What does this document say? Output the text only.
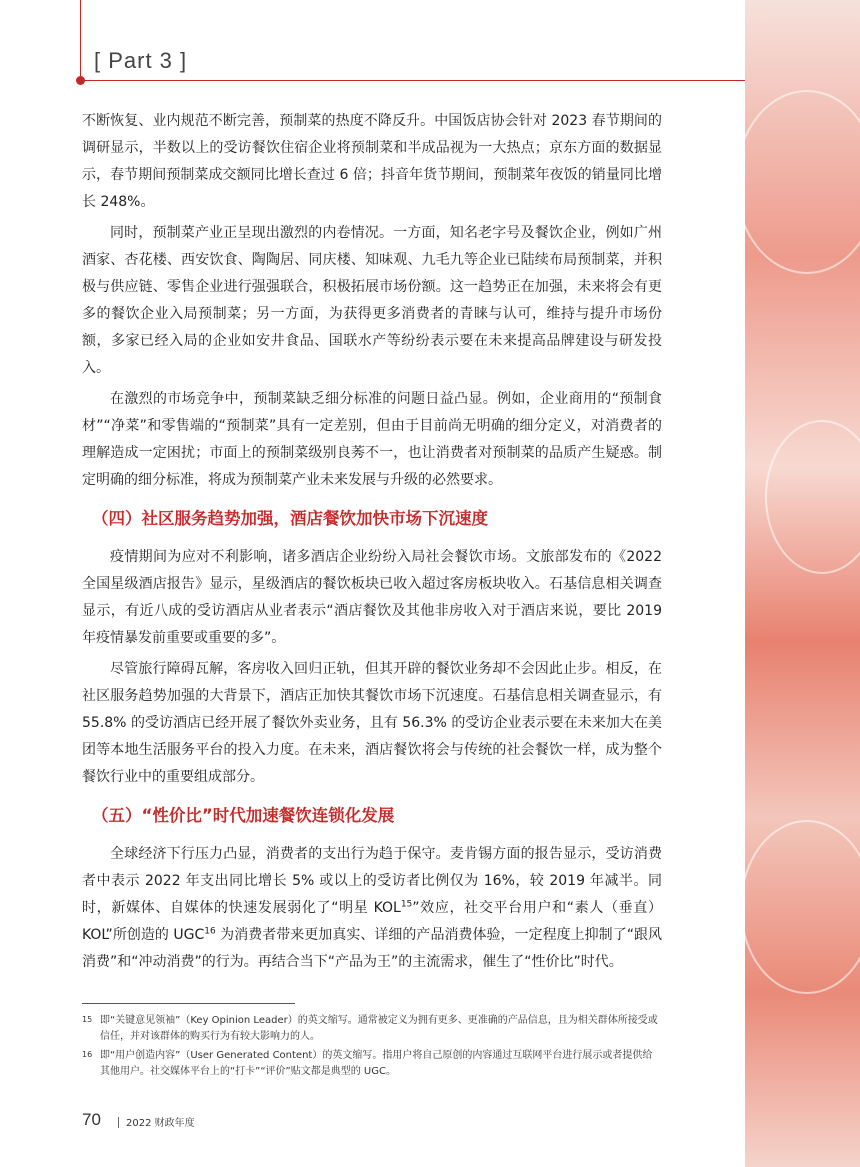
[ Part 3 ]

不断恢复、业内规范不断完善，预制菜的热度不降反升。中国饭店协会针对 2023 春节期间的调研显示，半数以上的受访餐饮住宿企业将预制菜和半成品视为一大热点；京东方面的数据显示，春节期间预制菜成交额同比增长查过 6 倍；抖音年货节期间，预制菜年夜饭的销量同比增长 248%。

同时，预制菜产业正呈现出激烈的内卷情况。一方面，知名老字号及餐饮企业，例如广州酒家、杏花楼、西安饮食、陶陶居、同庆楼、知味观、九毛九等企业已陆续布局预制菜，并积极与供应链、零售企业进行强强联合，积极拓展市场份额。这一趋势正在加强，未来将会有更多的餐饮企业入局预制菜；另一方面，为获得更多消费者的青睐与认可，维持与提升市场份额，多家已经入局的企业如安井食品、国联水产等纷纷表示要在未来提高品牌建设与研发投入。

在激烈的市场竞争中，预制菜缺乏细分标准的问题日益凸显。例如，企业商用的“预制食材”“净菜”和零售端的“预制菜”具有一定差别，但由于目前尚无明确的细分定义，对消费者的理解造成一定困扰；市面上的预制菜级别良莠不一，也让消费者对预制菜的品质产生疑惑。制定明确的细分标准，将成为预制菜产业未来发展与升级的必然要求。

（四）社区服务趋势加强，酒店餐饮加快市场下沉速度

疫情期间为应对不利影响，诸多酒店企业纷纷入局社会餐饮市场。文旅部发布的《2022 全国星级酒店报告》显示，星级酒店的餐饮板块已收入超过客房板块收入。石基信息相关调查显示，有近八成的受访酒店从业者表示“酒店餐饮及其他非房收入对于酒店来说，要比 2019 年疫情暴发前重要或重要的多”。

尽管旅行障碍瓦解，客房收入回归正轨，但其开辟的餐饮业务却不会因此止步。相反，在社区服务趋势加强的大背景下，酒店正加快其餐饮市场下沉速度。石基信息相关调查显示，有 55.8% 的受访酒店已经开展了餐饮外卖业务，且有 56.3% 的受访企业表示要在未来加大在美团等本地生活服务平台的投入力度。在未来，酒店餐饮将会与传统的社会餐饮一样，成为整个餐饮行业中的重要组成部分。

（五）“性价比”时代加速餐饮连锁化发展

全球经济下行压力凸显，消费者的支出行为趋于保守。麦肯锡方面的报告显示，受访消费者中表示 2022 年支出同比增长 5% 或以上的受访者比例仅为 16%，较 2019 年减半。同时，新媒体、自媒体的快速发展弱化了“明星 KOL$^{15}$”效应，社交平台用户和“素人（垂直）KOL”所创造的 UGC$^{16}$ 为消费者带来更加真实、详细的产品消费体验，一定程度上抑制了“跟风消费”和“冲动消费”的行为。再结合当下“产品为王”的主流需求，催生了“性价比”时代。

15 即“关键意见领袖”（Key Opinion Leader）的英文缩写。通常被定义为拥有更多、更准确的产品信息，且为相关群体所接受或信任，并对该群体的购买行为有较大影响力的人。
16 即“用户创造内容”（User Generated Content）的英文缩写。指用户将自己原创的内容通过互联网平台进行展示或者提供给其他用户。社交媒体平台上的“打卡”“评价”贴文都是典型的 UGC。
70	2022 财政年度
